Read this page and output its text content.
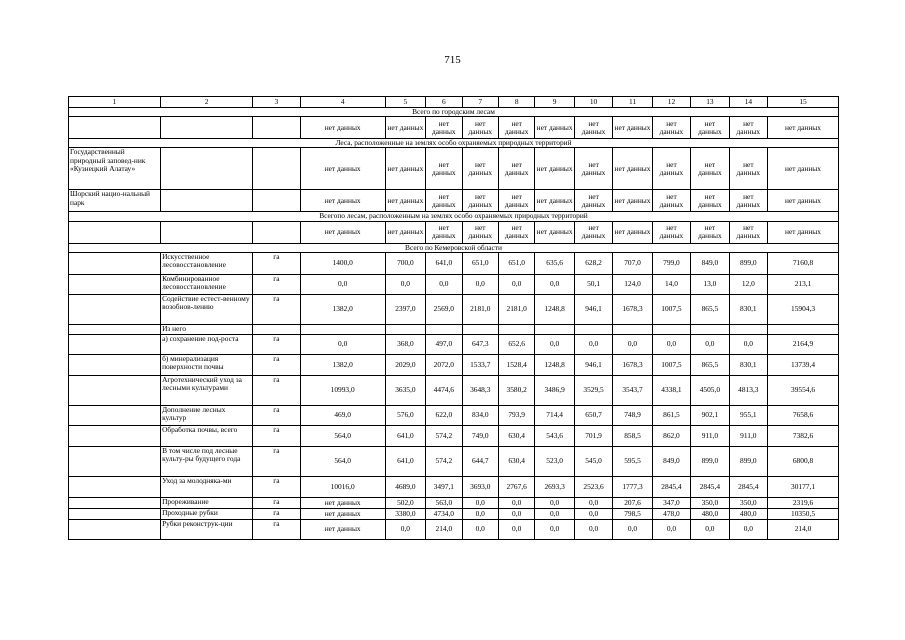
715
1	2	3	4	5	6	7	8	9	10	11	12	13	14	15
Всего по городским лесам														
			нет данных	нет данных	нет данных	нет данных	нет данных	нет данных	нет данных	нет данных	нет данных	нет данных	нет данных	нет данных
Леса, расположенные на землях особо охраняемых природных территорий														
Государственный природный заповед-ник «Кузнецкий Алатау»			нет данных	нет данных	нет данных	нет данных	нет данных	нет данных	нет данных	нет данных	нет данных	нет данных	нет данных	нет данных
Шорский нацио-нальный парк			нет данных	нет данных	нет данных	нет данных	нет данных	нет данных	нет данных	нет данных	нет данных	нет данных	нет данных	нет данных
Всегопо лесам, расположенным на землях особо охраняемых природных территорий														
			нет данных	нет данных	нет данных	нет данных	нет данных	нет данных	нет данных	нет данных	нет данных	нет данных	нет данных	нет данных
Всего по Кемеровской области														
	Искусственное лесовосстановление	га	1400,0	700,0	641,0	651,0	651,0	635,6	628,2	707,0	799,0	849,0	899,0	7160,8
	Комбинированное лесовосстановление	га	0,0	0,0	0,0	0,0	0,0	0,0	50,1	124,0	14,0	13,0	12,0	213,1
	Содействие естест-венному возобнов-лению	га	1382,0	2397,0	2569,0	2181,0	2181,0	1248,8	946,1	1678,3	1007,5	865,5	830,1	15904,3
	Из него													
	а) сохранение под-роста	га	0,0	368,0	497,0	647,3	652,6	0,0	0,0	0,0	0,0	0,0	0,0	2164,9
	б) минерализация поверхности почвы	га	1382,0	2029,0	2072,0	1533,7	1528,4	1248,8	946,1	1678,3	1007,5	865,5	830,1	13739,4
	Агротехнический уход за лесными культурами	га	10993,0	3635,0	4474,6	3648,3	3580,2	3486,9	3529,5	3543,7	4338,1	4505,0	4813,3	39554,6
	Дополнение лесных культур	га	469,0	576,0	622,0	834,0	793,9	714,4	650,7	748,9	861,5	902,1	955,1	7658,6
	Обработка почвы, всего	га	564,0	641,0	574,2	749,0	630,4	543,6	701,9	858,5	862,0	911,0	911,0	7382,6
	В том числе под лесные культу-ры будущего года	га	564,0	641,0	574,2	644,7	630,4	523,0	545,0	595,5	849,0	899,0	899,0	6800,8
	Уход за молодняка-ми	га	10016,0	4689,0	3497,1	3693,0	2767,6	2693,3	2523,6	1777,3	2845,4	2845,4	2845,4	30177,1
	Прореживание	га	нет данных	502,0	563,0	0,0	0,0	0,0	0,0	207,6	347,0	350,0	350,0	2319,6
	Проходные рубки	га	нет данных	3380,0	4734,0	0,0	0,0	0,0	0,0	798,5	478,0	480,0	480,0	10350,5
	Рубки реконструк-ции	га	нет данных	0,0	214,0	0,0	0,0	0,0	0,0	0,0	0,0	0,0	0,0	214,0
